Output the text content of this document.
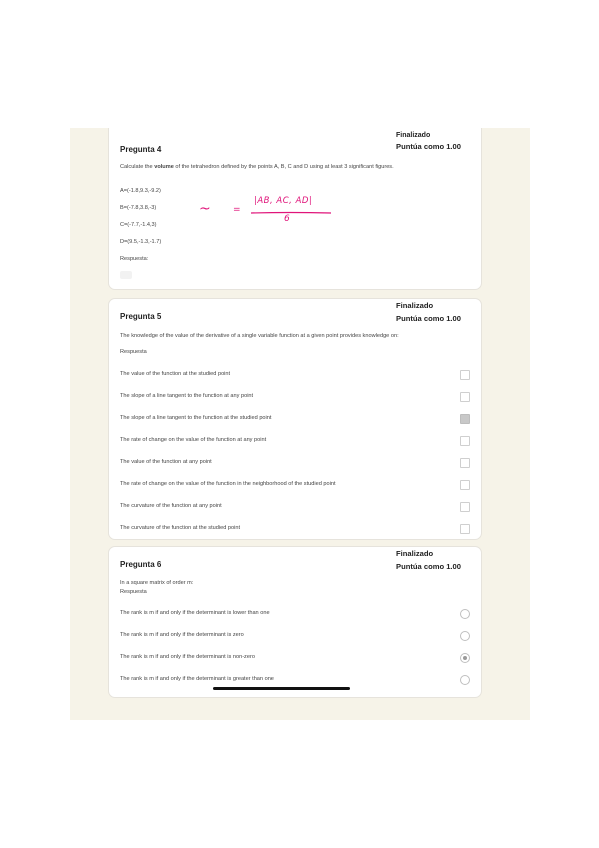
Finalizado
Pregunta 4	Puntúa como 1.00
Calculate the volume of the tetrahedron defined by the points A, B, C and D using at least 3 significant figures.
A=(-1.8,9.3,-9.2)
B=(-7.8,3.8,-3)
C=(-7.7,-1.4,3)
D=(9.5,-1.3,-1.7)
Respuesta:
~ =
|AB, AC, AD|
6
Pregunta 5
Finalizado
Puntúa como 1.00
The knowledge of the value of the derivative of a single variable function at a given point provides knowledge on:
Respuesta
The value of the function at the studied point
The slope of a line tangent to the function at any point
The slope of a line tangent to the function at the studied point
The rate of change on the value of the function at any point
The value of the function at any point
The rate of change on the value of the function in the neighborhood of the studied point
The curvature of the function at any point
The curvature of the function at the studied point
Pregunta 6
Finalizado
Puntúa como 1.00
In a square matrix of order m:
Respuesta
The rank is m if and only if the determinant is lower than one
The rank is m if and only if the determinant is zero
The rank is m if and only if the determinant is non-zero
The rank is m if and only if the determinant is greater than one
